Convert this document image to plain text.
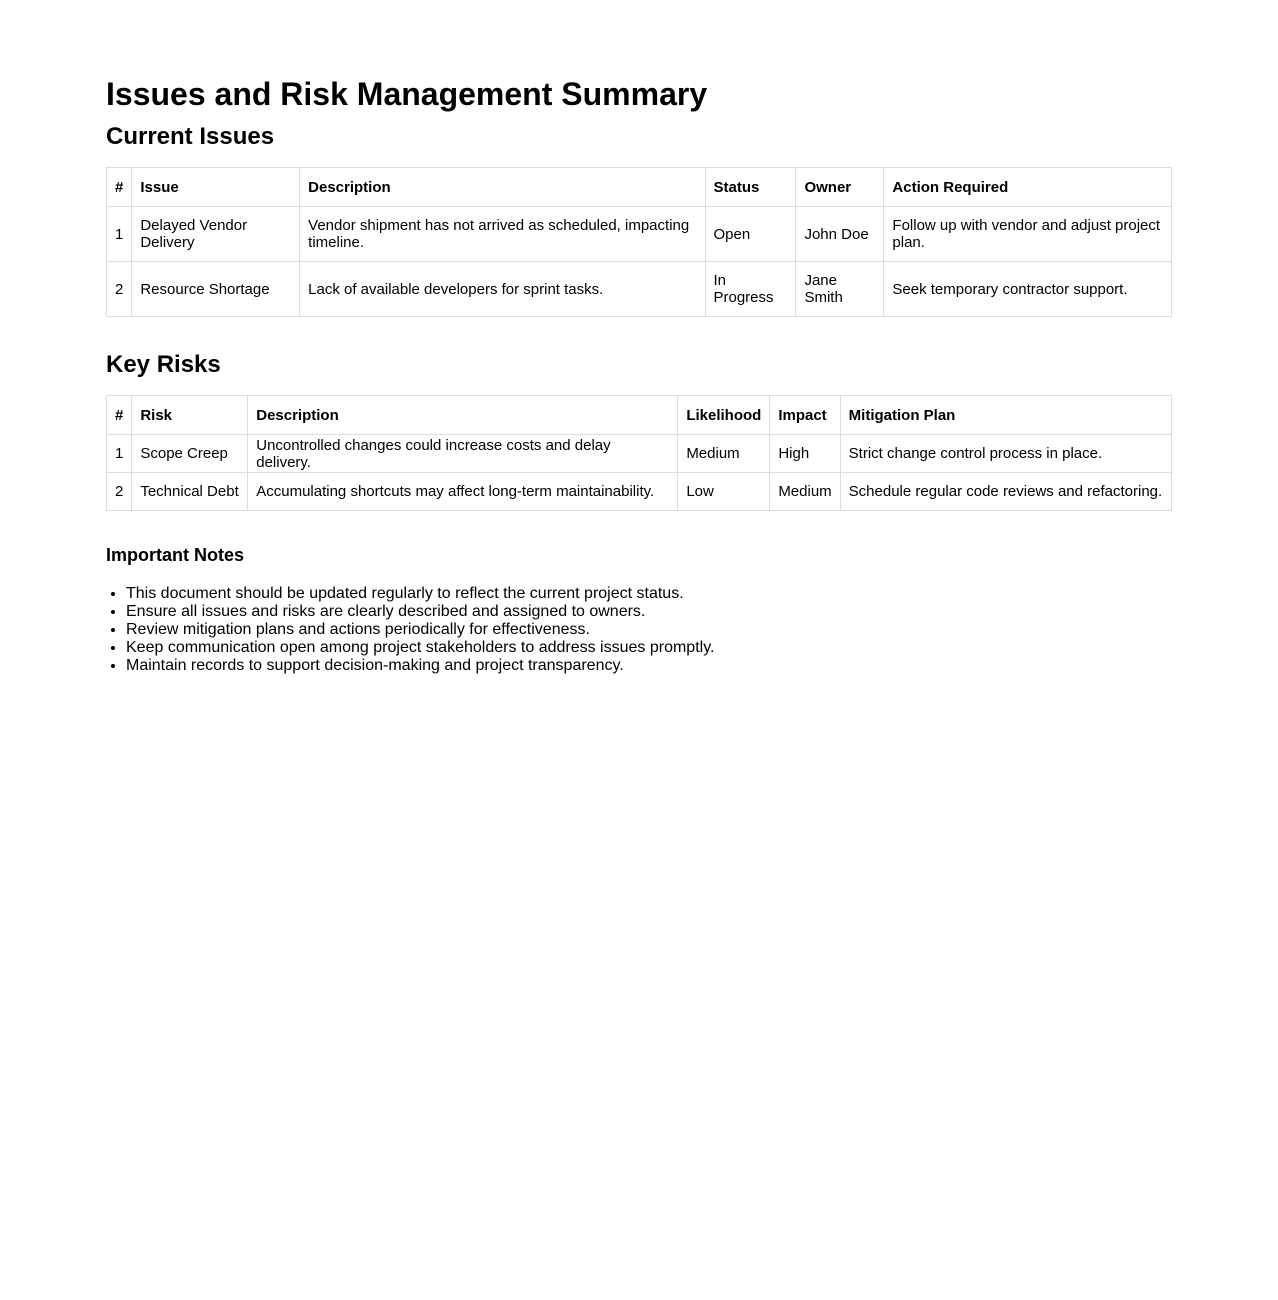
Issues and Risk Management Summary
Current Issues
#	Issue	Description	Status	Owner	Action Required
1	Delayed Vendor Delivery	Vendor shipment has not arrived as scheduled, impacting timeline.	Open	John Doe	Follow up with vendor and adjust project plan.
2	Resource Shortage	Lack of available developers for sprint tasks.	In Progress	Jane Smith	Seek temporary contractor support.
Key Risks
#	Risk	Description	Likelihood	Impact	Mitigation Plan
1	Scope Creep	Uncontrolled changes could increase costs and delay delivery.	Medium	High	Strict change control process in place.
2	Technical Debt	Accumulating shortcuts may affect long-term maintainability.	Low	Medium	Schedule regular code reviews and refactoring.
Important Notes
• This document should be updated regularly to reflect the current project status.
• Ensure all issues and risks are clearly described and assigned to owners.
• Review mitigation plans and actions periodically for effectiveness.
• Keep communication open among project stakeholders to address issues promptly.
• Maintain records to support decision-making and project transparency.
